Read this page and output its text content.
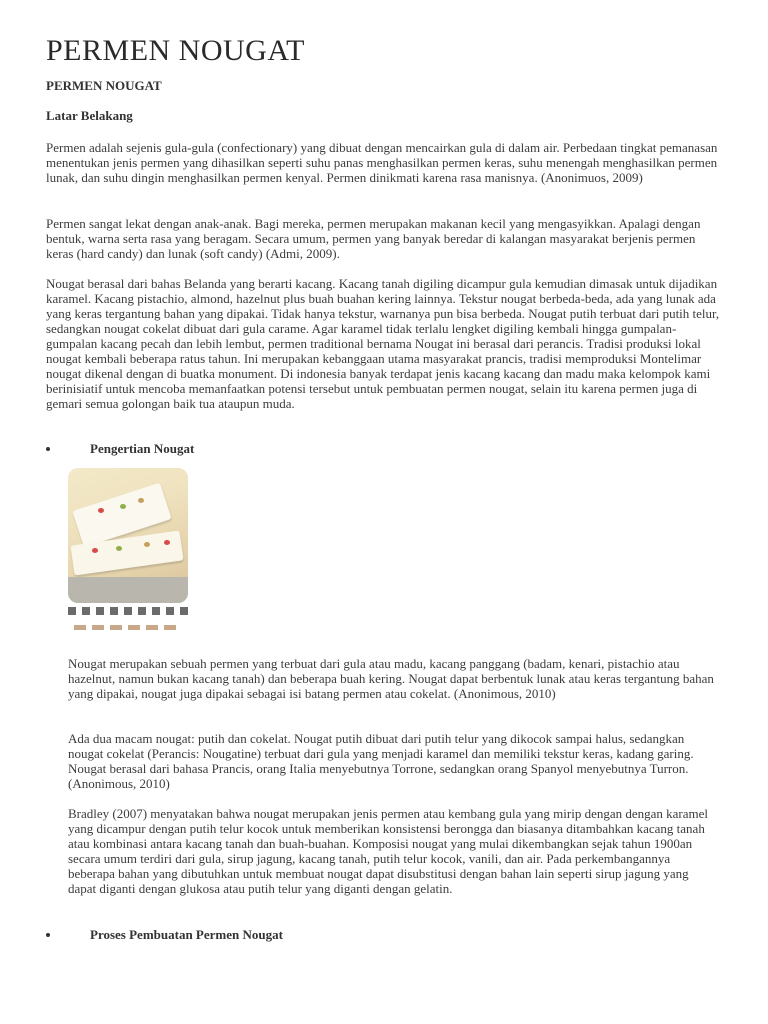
PERMEN NOUGAT
PERMEN NOUGAT
Latar Belakang

Permen adalah sejenis gula-gula (confectionary) yang dibuat dengan mencairkan gula di dalam air. Perbedaan tingkat pemanasan menentukan jenis permen yang dihasilkan seperti suhu panas menghasilkan permen keras, suhu menengah menghasilkan permen lunak, dan suhu dingin menghasilkan permen kenyal. Permen dinikmati karena rasa manisnya. (Anonimuos, 2009)

Permen sangat lekat dengan anak-anak. Bagi mereka, permen merupakan makanan kecil yang mengasyikkan. Apalagi dengan bentuk, warna serta rasa yang beragam. Secara umum, permen yang banyak beredar di kalangan masyarakat berjenis permen keras (hard candy) dan lunak (soft candy) (Admi, 2009).

Nougat berasal dari bahas Belanda yang berarti kacang. Kacang tanah digiling dicampur gula kemudian dimasak untuk dijadikan karamel. Kacang pistachio, almond, hazelnut plus buah buahan kering lainnya. Tekstur nougat berbeda-beda, ada yang lunak ada yang keras tergantung bahan yang dipakai. Tidak hanya tekstur, warnanya pun bisa berbeda. Nougat putih terbuat dari putih telur, sedangkan nougat cokelat dibuat dari gula carame. Agar karamel tidak terlalu lengket digiling kembali hingga gumpalan-gumpalan kacang pecah dan lebih lembut, permen traditional bernama Nougat ini berasal dari perancis. Tradisi produksi lokal nougat kembali beberapa ratus tahun. Ini merupakan kebanggaan utama masyarakat prancis, tradisi memproduksi Montelimar nougat dikenal dengan di buatka monument. Di indonesia banyak terdapat jenis kacang kacang dan madu maka kelompok kami berinisiatif untuk mencoba memanfaatkan potensi tersebut untuk pembuatan permen nougat, selain itu karena permen juga di gemari semua golongan baik tua ataupun muda.

Pengertian Nougat

Nougat merupakan sebuah permen yang terbuat dari gula atau madu, kacang panggang (badam, kenari, pistachio atau hazelnut, namun bukan kacang tanah) dan beberapa buah kering. Nougat dapat berbentuk lunak atau keras tergantung bahan yang dipakai, nougat juga dipakai sebagai isi batang permen atau cokelat. (Anonimous, 2010)

Ada dua macam nougat: putih dan cokelat. Nougat putih dibuat dari putih telur yang dikocok sampai halus, sedangkan nougat cokelat (Perancis: Nougatine) terbuat dari gula yang menjadi karamel dan memiliki tekstur keras, kadang garing. Nougat berasal dari bahasa Prancis, orang Italia menyebutnya Torrone, sedangkan orang Spanyol menyebutnya Turron. (Anonimous, 2010)

Bradley (2007) menyatakan bahwa nougat merupakan jenis permen atau kembang gula yang mirip dengan dengan karamel yang dicampur dengan putih telur kocok untuk memberikan konsistensi berongga dan biasanya ditambahkan kacang tanah atau kombinasi antara kacang tanah dan buah-buahan. Komposisi nougat yang mulai dikembangkan sejak tahun 1900an secara umum terdiri dari gula, sirup jagung, kacang tanah, putih telur kocok, vanili, dan air. Pada perkembangannya beberapa bahan yang dibutuhkan untuk membuat nougat dapat disubstitusi dengan bahan lain seperti sirup jagung yang dapat diganti dengan glukosa atau putih telur yang diganti dengan gelatin.

Proses Pembuatan Permen Nougat
